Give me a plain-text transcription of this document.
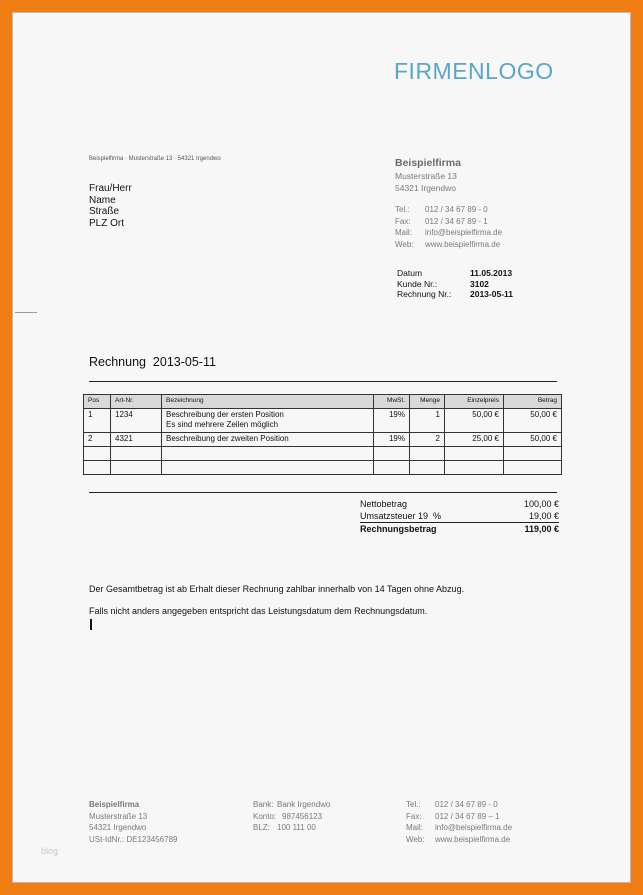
FIRMENLOGO
Beispielfirma · Musterstraße 13 · 54321 Irgendwo
Frau/Herr
Name
Straße
PLZ Ort
Beispielfirma
Musterstraße 13
54321 Irgendwo
Tel.: 012 / 34 67 89 - 0
Fax: 012 / 34 67 89 - 1
Mail: info@beispielfirma.de
Web: www.beispielfirma.de
Datum	11.05.2013
Kunde Nr.:	3102
Rechnung Nr.: 2013-05-11
Rechnung  2013-05-11
Pos	Art-Nr.	Bezeichnung	MwSt.	Menge	Einzelpreis	Betrag
1	1234	Beschreibung der ersten Position
Es sind mehrere Zeilen möglich	19%	1	50,00 €	50,00 €
2	4321	Beschreibung der zweiten Position	19%	2	25,00 €	50,00 €

Nettobetrag	100,00 €
Umsatzsteuer 19  %	19,00 €
Rechnungsbetrag	119,00 €
Der Gesamtbetrag ist ab Erhalt dieser Rechnung zahlbar innerhalb von 14 Tagen ohne Abzug.
Falls nicht anders angegeben entspricht das Leistungsdatum dem Rechnungsdatum.
Beispielfirma
Musterstraße 13
54321 Irgendwo
USt-IdNr.: DE123456789
Bank: Bank Irgendwo
Konto: 987456123
BLZ: 100 111 00
Tel.: 012 / 34 67 89 - 0
Fax: 012 / 34 67 89 – 1
Mail: info@beispielfirma.de
Web: www.beispielfirma.de
blog
